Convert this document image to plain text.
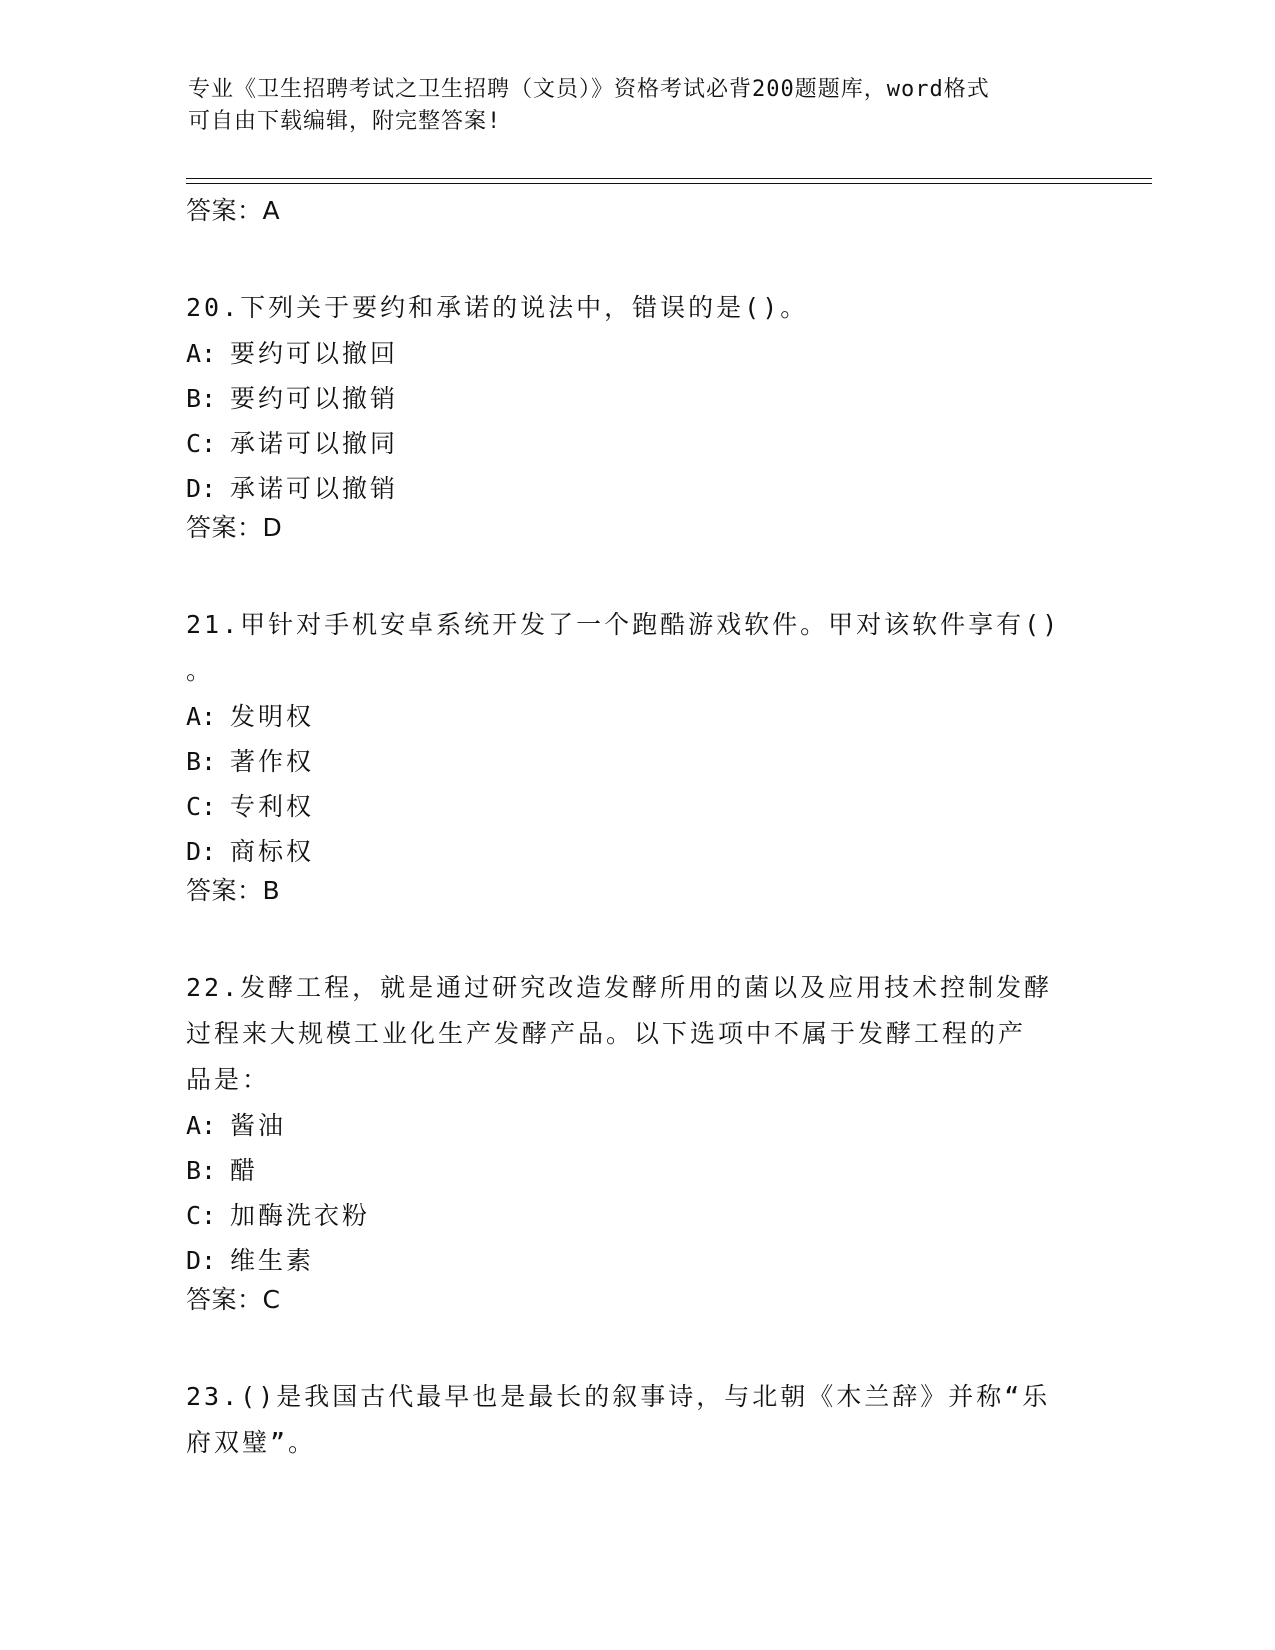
专业《卫生招聘考试之卫生招聘（文员）》资格考试必背200题题库，word格式
可自由下载编辑，附完整答案!
答案：A
20.下列关于要约和承诺的说法中，错误的是()。
A: 要约可以撤回
B: 要约可以撤销
C: 承诺可以撤同
D: 承诺可以撤销
答案：D
21.甲针对手机安卓系统开发了一个跑酷游戏软件。甲对该软件享有()
。
A: 发明权
B: 著作权
C: 专利权
D: 商标权
答案：B
22.发酵工程，就是通过研究改造发酵所用的菌以及应用技术控制发酵
过程来大规模工业化生产发酵产品。以下选项中不属于发酵工程的产
品是：
A: 酱油
B: 醋
C: 加酶洗衣粉
D: 维生素
答案：C
23.()是我国古代最早也是最长的叙事诗，与北朝《木兰辞》并称“乐
府双璧”。
